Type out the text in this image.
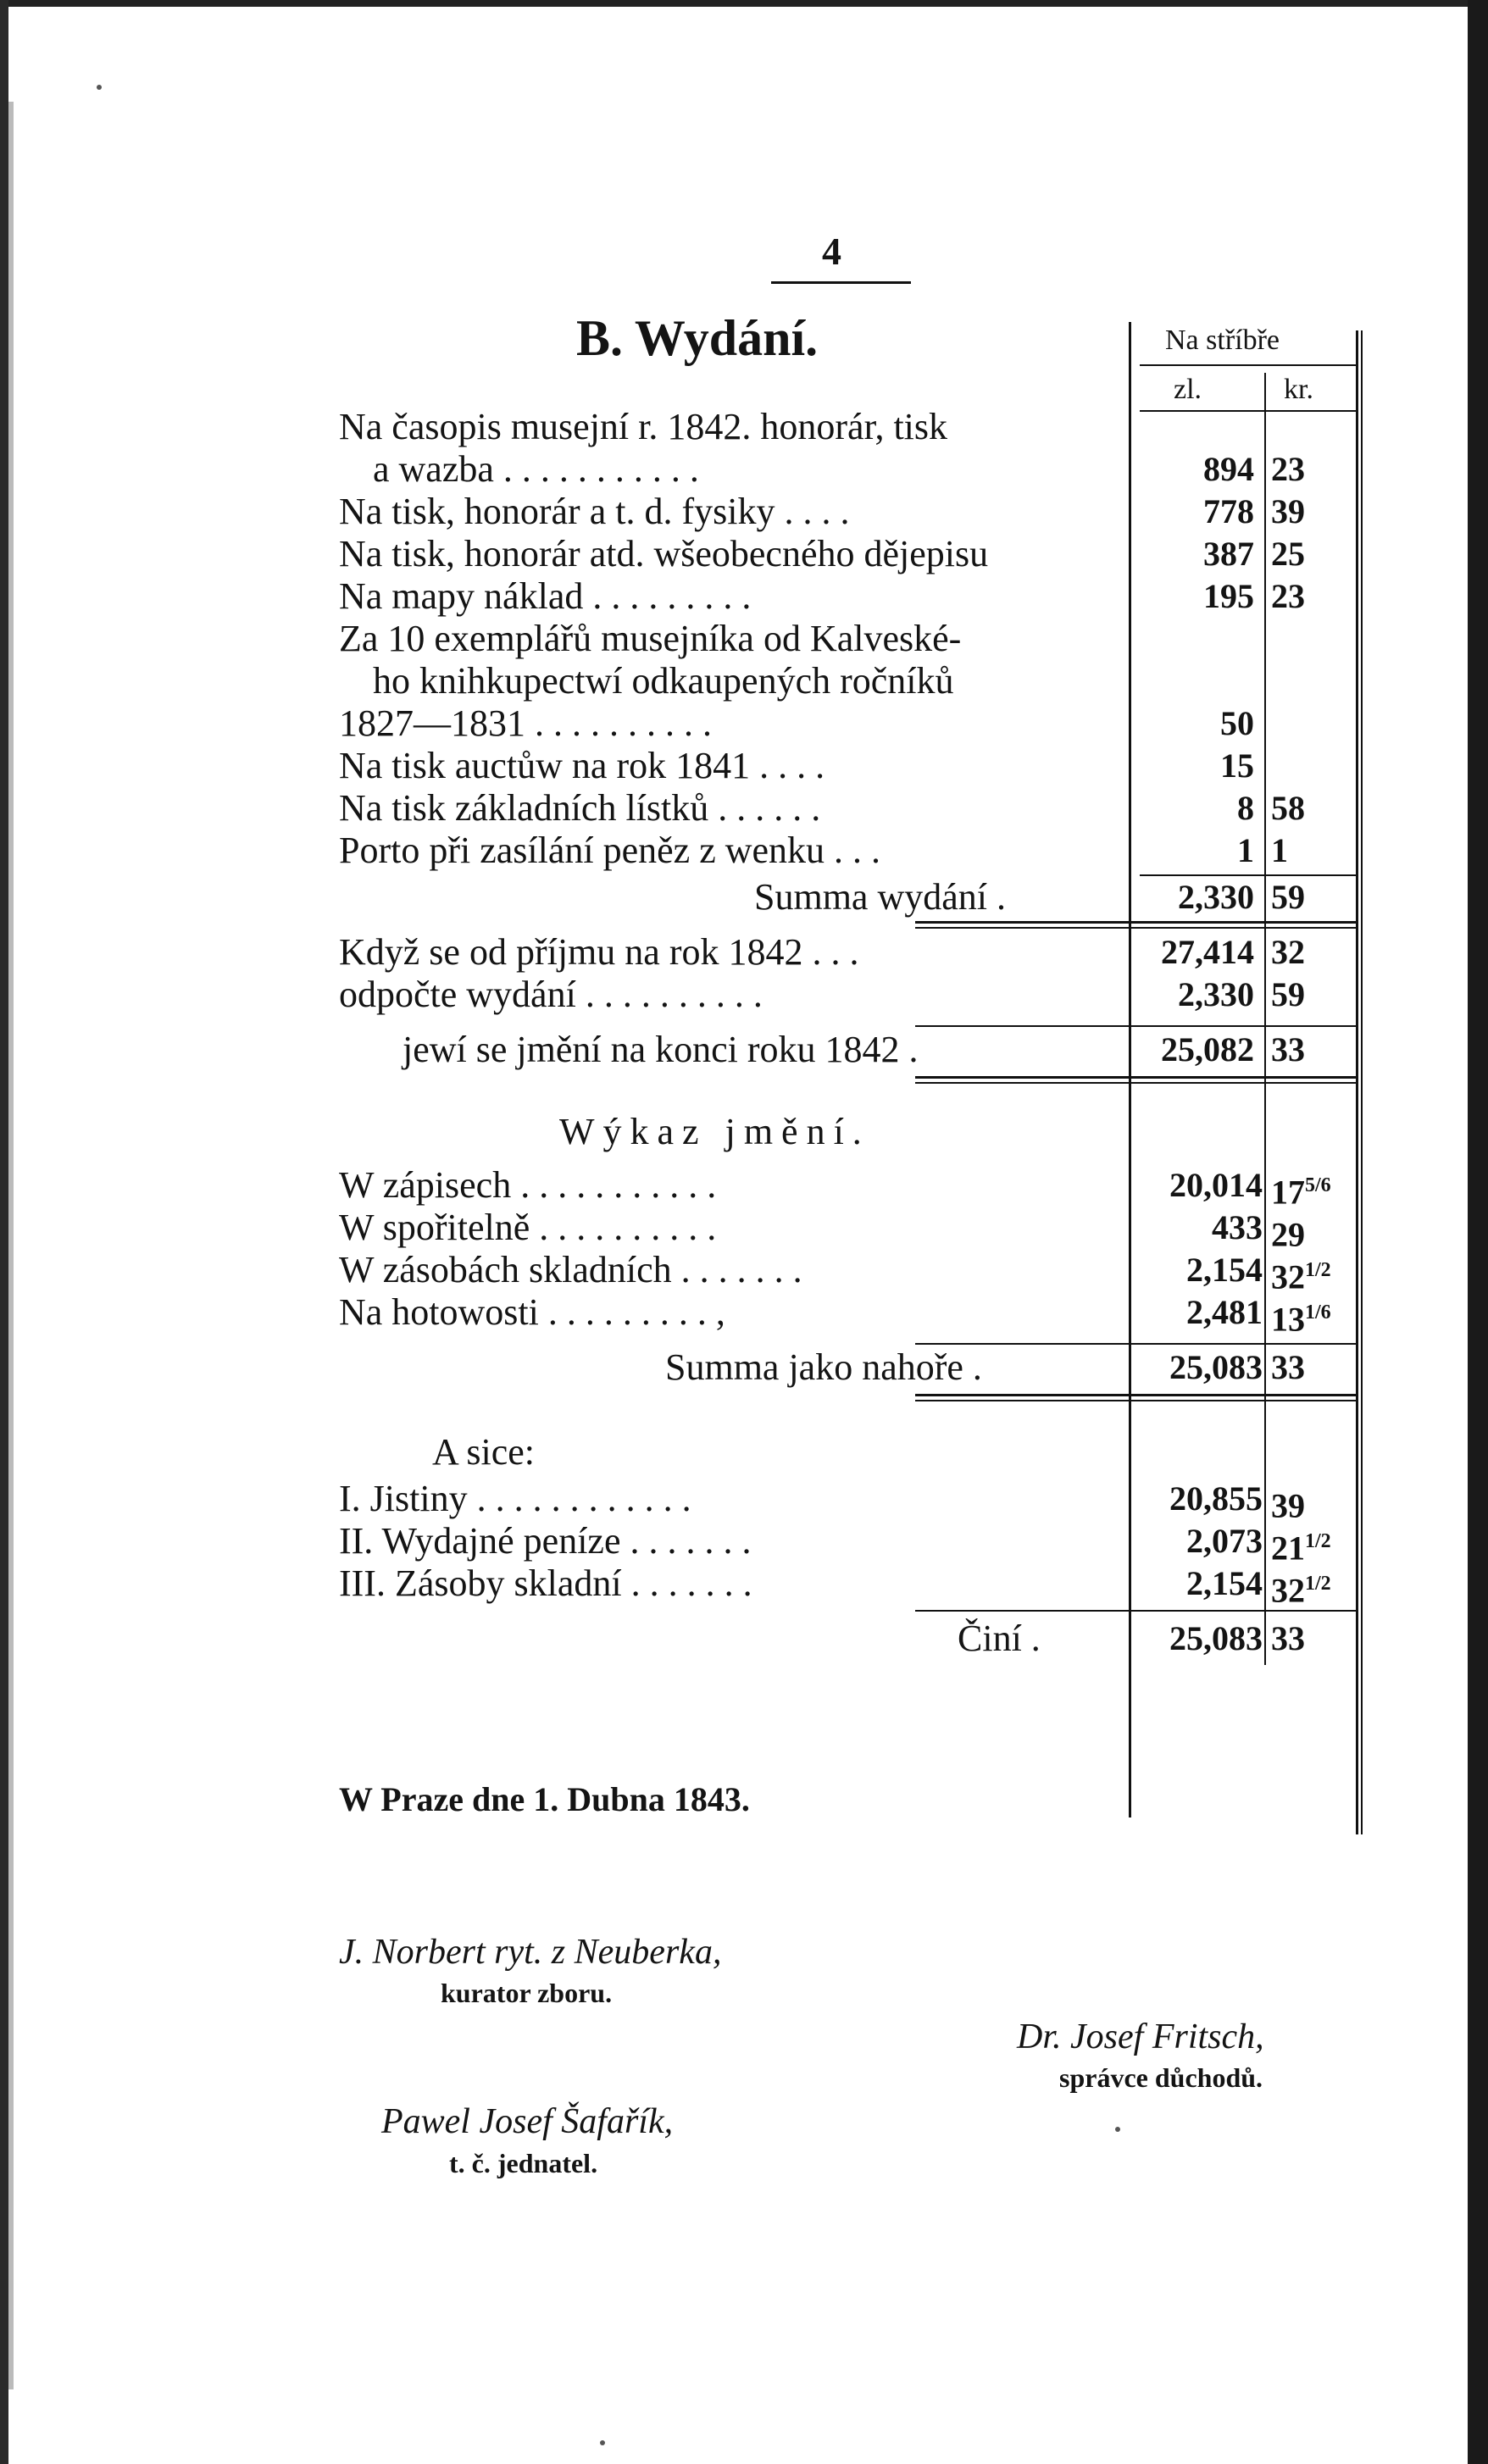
4
B. Wydání.	Na stříbře
zl.	kr.
Na časopis musejní r. 1842. honorár, tisk
a wazba . . . . . . . . . . .	894 23
Na tisk, honorár a t. d. fysiky . . . .	778 39
Na tisk, honorár atd. wšeobecného dějepisu	387 25
Na mapy náklad . . . . . . . . .	195 23
Za 10 exemplářů musejníka od Kalveské-
ho knihkupectwí odkaupených ročníků
1827—1831 . . . . . . . . . .	50
Na tisk auctůw na rok 1841 . . . .	15
Na tisk základních lístků . . . . . .	8 58
Porto při zasílání peněz z wenku . . .	1 1
Summa wydání .	2,330 59
Když se od příjmu na rok 1842 . . .	27,414 32
odpočte wydání . . . . . . . . . .	2,330 59
jewí se jmění na konci roku 1842 .	25,082 33
Wýkaz jmění.
W zápisech . . . . . . . . . . .	20,014 $17^{5/6}$
W spořitelně . . . . . . . . . .	433 29
W zásobách skladních . . . . . . .	2,154 $32^{1/2}$
Na hotowosti . . . . . . . . . ,	2,481 $13^{1/6}$
Summa jako nahoře .	25,083 33
A sice:
I. Jistiny . . . . . . . . . . . .	20,855 39
II. Wydajné peníze . . . . . . .	2,073 $21^{1/2}$
III. Zásoby skladní . . . . . . .	2,154 $32^{1/2}$
Činí .	25,083 33
W Praze dne 1. Dubna 1843.
J. Norbert ryt. z Neuberka,
kurator zboru.
Dr. Josef Fritsch,
správce důchodů.
Pawel Josef Šafařík,
t. č. jednatel.
